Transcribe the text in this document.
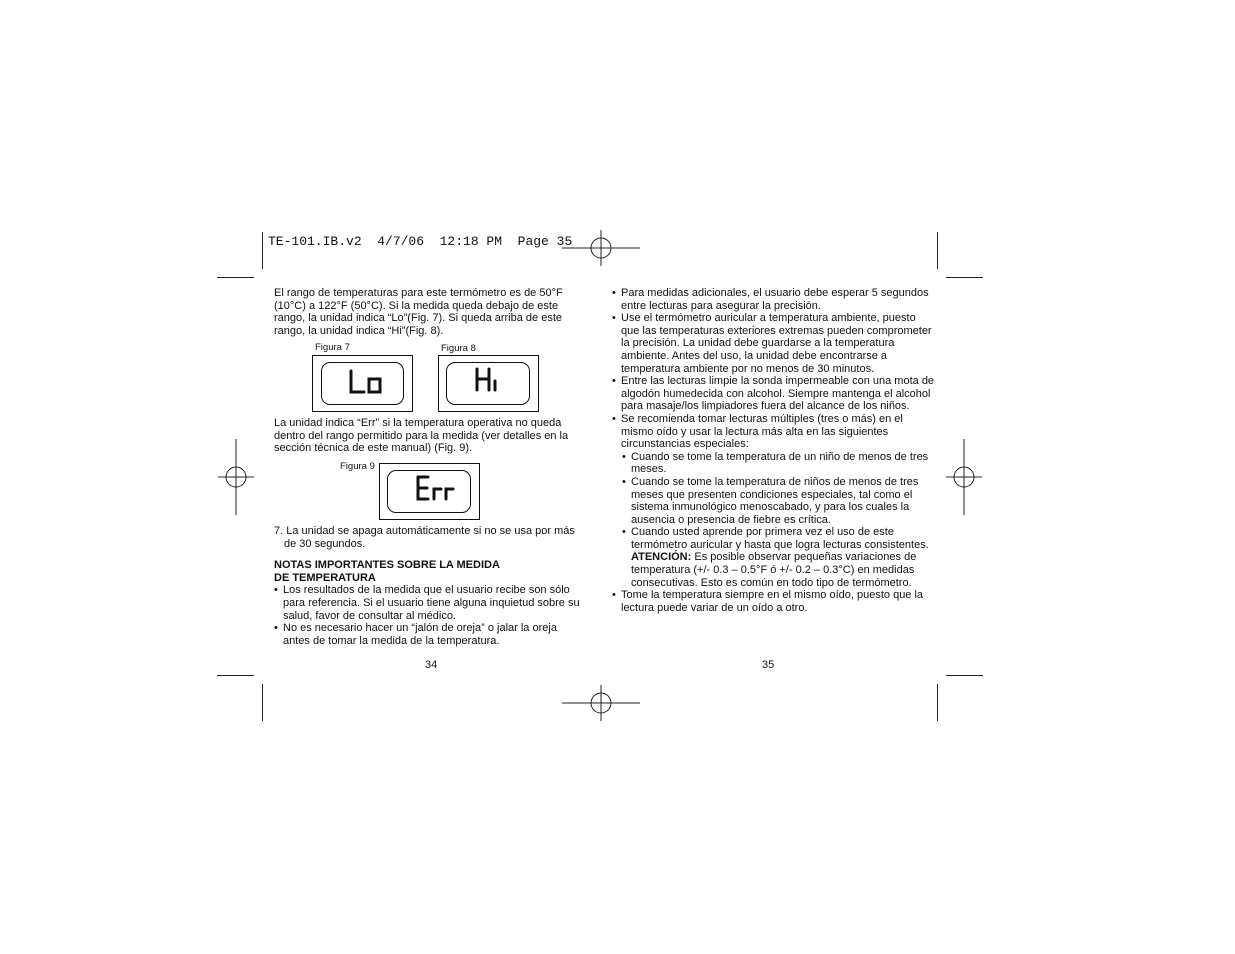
TE-101.IB.v2  4/7/06  12:18 PM  Page 35

El rango de temperaturas para este termómetro es de 50°F (10°C) a 122°F (50°C). Si la medida queda debajo de este rango, la unidad indica “Lo”(Fig. 7). Si queda arriba de este rango, la unidad indica “Hi”(Fig. 8).

Figura 7	Figura 8

La unidad indica “Err” si la temperatura operativa no queda dentro del rango permitido para la medida (ver detalles en la sección técnica de este manual) (Fig. 9).

Figura 9

7. La unidad se apaga automáticamente si no se usa por más de 30 segundos.

NOTAS IMPORTANTES SOBRE LA MEDIDA
DE TEMPERATURA

• Los resultados de la medida que el usuario recibe son sólo para referencia. Si el usuario tiene alguna inquietud sobre su salud, favor de consultar al médico.

• No es necesario hacer un “jalón de oreja” o jalar la oreja antes de tomar la medida de la temperatura.

34

• Para medidas adicionales, el usuario debe esperar 5 segundos entre lecturas para asegurar la precisión.

• Use el termómetro auricular a temperatura ambiente, puesto que las temperaturas exteriores extremas pueden comprometer la precisión. La unidad debe guardarse a la temperatura ambiente. Antes del uso, la unidad debe encontrarse a temperatura ambiente por no menos de 30 minutos.

• Entre las lecturas limpie la sonda impermeable con una mota de algodón humedecida con alcohol. Siempre mantenga el alcohol para masaje/los limpiadores fuera del alcance de los niños.

• Se recomienda tomar lecturas múltiples (tres o más) en el mismo oído y usar la lectura más alta en las siguientes circunstancias especiales:

• Cuando se tome la temperatura de un niño de menos de tres meses.

• Cuando se tome la temperatura de niños de menos de tres meses que presenten condiciones especiales, tal como el sistema inmunológico menoscabado, y para los cuales la ausencia o presencia de fiebre es crítica.

• Cuando usted aprende por primera vez el uso de este termómetro auricular y hasta que logra lecturas consistentes. ATENCIÓN: Es posible observar pequeñas variaciones de temperatura (+/- 0.3 – 0.5°F ó +/- 0.2 – 0.3°C) en medidas consecutivas. Esto es común en todo tipo de termómetro.

• Tome la temperatura siempre en el mismo oído, puesto que la lectura puede variar de un oído a otro.

35
